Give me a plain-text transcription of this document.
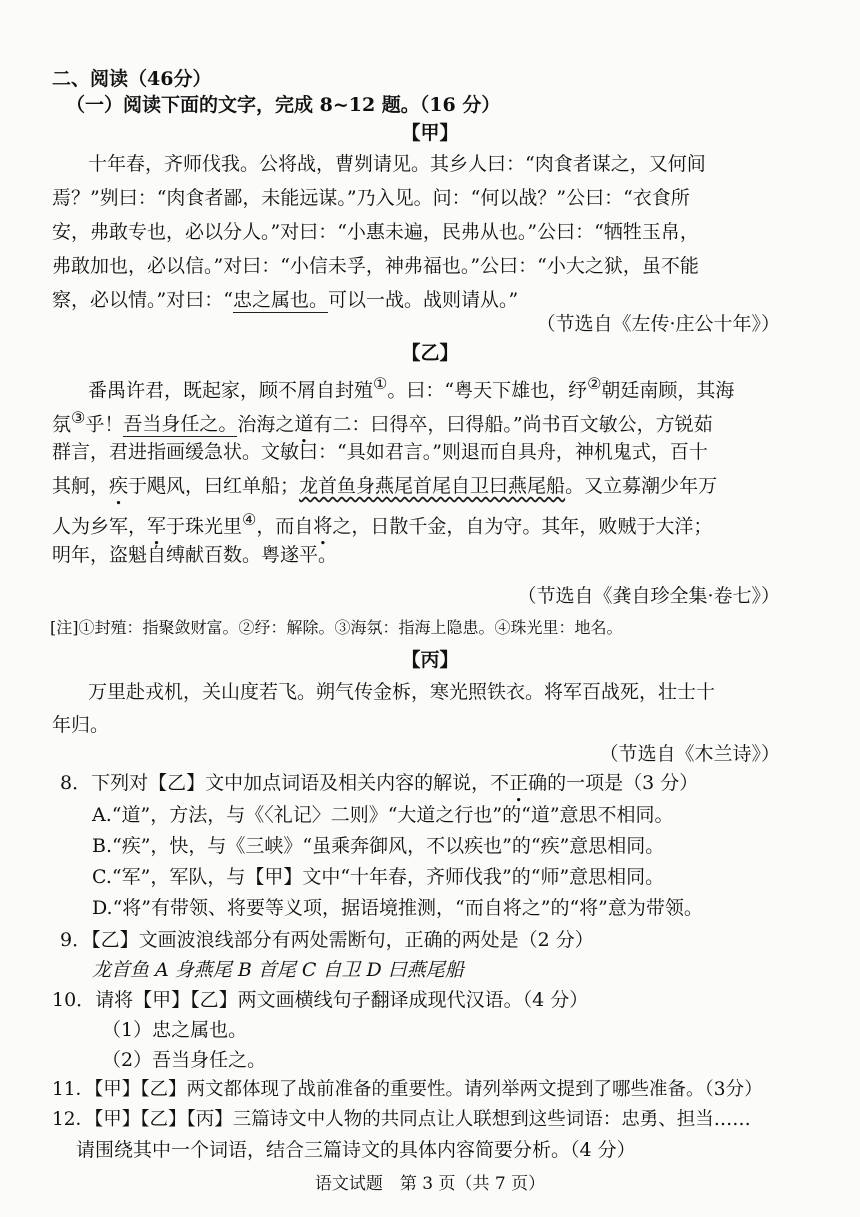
二、阅读（46分）
（一）阅读下面的文字，完成 8~12 题。（16 分）
【甲】
十年春，齐师伐我。公将战，曹刿请见。其乡人曰：“肉食者谋之，又何间
焉？”刿曰：“肉食者鄙，未能远谋。”乃入见。问：“何以战？”公曰：“衣食所
安，弗敢专也，必以分人。”对曰：“小惠未遍，民弗从也。”公曰：“牺牲玉帛，
弗敢加也，必以信。”对曰：“小信未孚，神弗福也。”公曰：“小大之狱，虽不能
察，必以情。”对曰：“忠之属也。可以一战。战则请从。”
（节选自《左传·庄公十年》）
【乙】
番禺许君，既起家，顾不屑自封殖①。曰：“粤天下雄也，纾②朝廷南顾，其海
氛③乎！吾当身任之。治海之道有二：曰得卒，曰得船。”尚书百文敏公，方锐茹
群言，君进指画缓急状。文敏曰：“具如君言。”则退而自具舟，神机鬼式，百十
其舸，疾于飓风，曰红单船；龙首鱼身燕尾首尾自卫曰燕尾船。又立募潮少年万
人为乡军，军于珠光里④，而自将之，日散千金，自为守。其年，败贼于大洋；
明年，盗魁自缚献百数。粤遂平。
（节选自《龚自珍全集·卷七》）
[注]①封殖：指聚敛财富。②纾：解除。③海氛：指海上隐患。④珠光里：地名。
【丙】
万里赴戎机，关山度若飞。朔气传金柝，寒光照铁衣。将军百战死，壮士十
年归。
（节选自《木兰诗》）
8．下列对【乙】文中加点词语及相关内容的解说，不正确的一项是（3 分）
A.“道”，方法，与《〈礼记〉二则》“大道之行也”的“道”意思不相同。
B.“疾”，快，与《三峡》“虽乘奔御风，不以疾也”的“疾”意思相同。
C.“军”，军队，与【甲】文中“十年春，齐师伐我”的“师”意思相同。
D.“将”有带领、将要等义项，据语境推测，“而自将之”的“将”意为带领。
9．【乙】文画波浪线部分有两处需断句，正确的两处是（2 分）
龙首鱼 A 身燕尾 B 首尾 C 自卫 D 曰燕尾船
10．请将【甲】【乙】两文画横线句子翻译成现代汉语。（4 分）
（1）忠之属也。
（2）吾当身任之。
11．【甲】【乙】两文都体现了战前准备的重要性。请列举两文提到了哪些准备。（3分）
12．【甲】【乙】【丙】三篇诗文中人物的共同点让人联想到这些词语：忠勇、担当……
请围绕其中一个词语，结合三篇诗文的具体内容简要分析。（4 分）
语文试题　第 3 页（共 7 页）
